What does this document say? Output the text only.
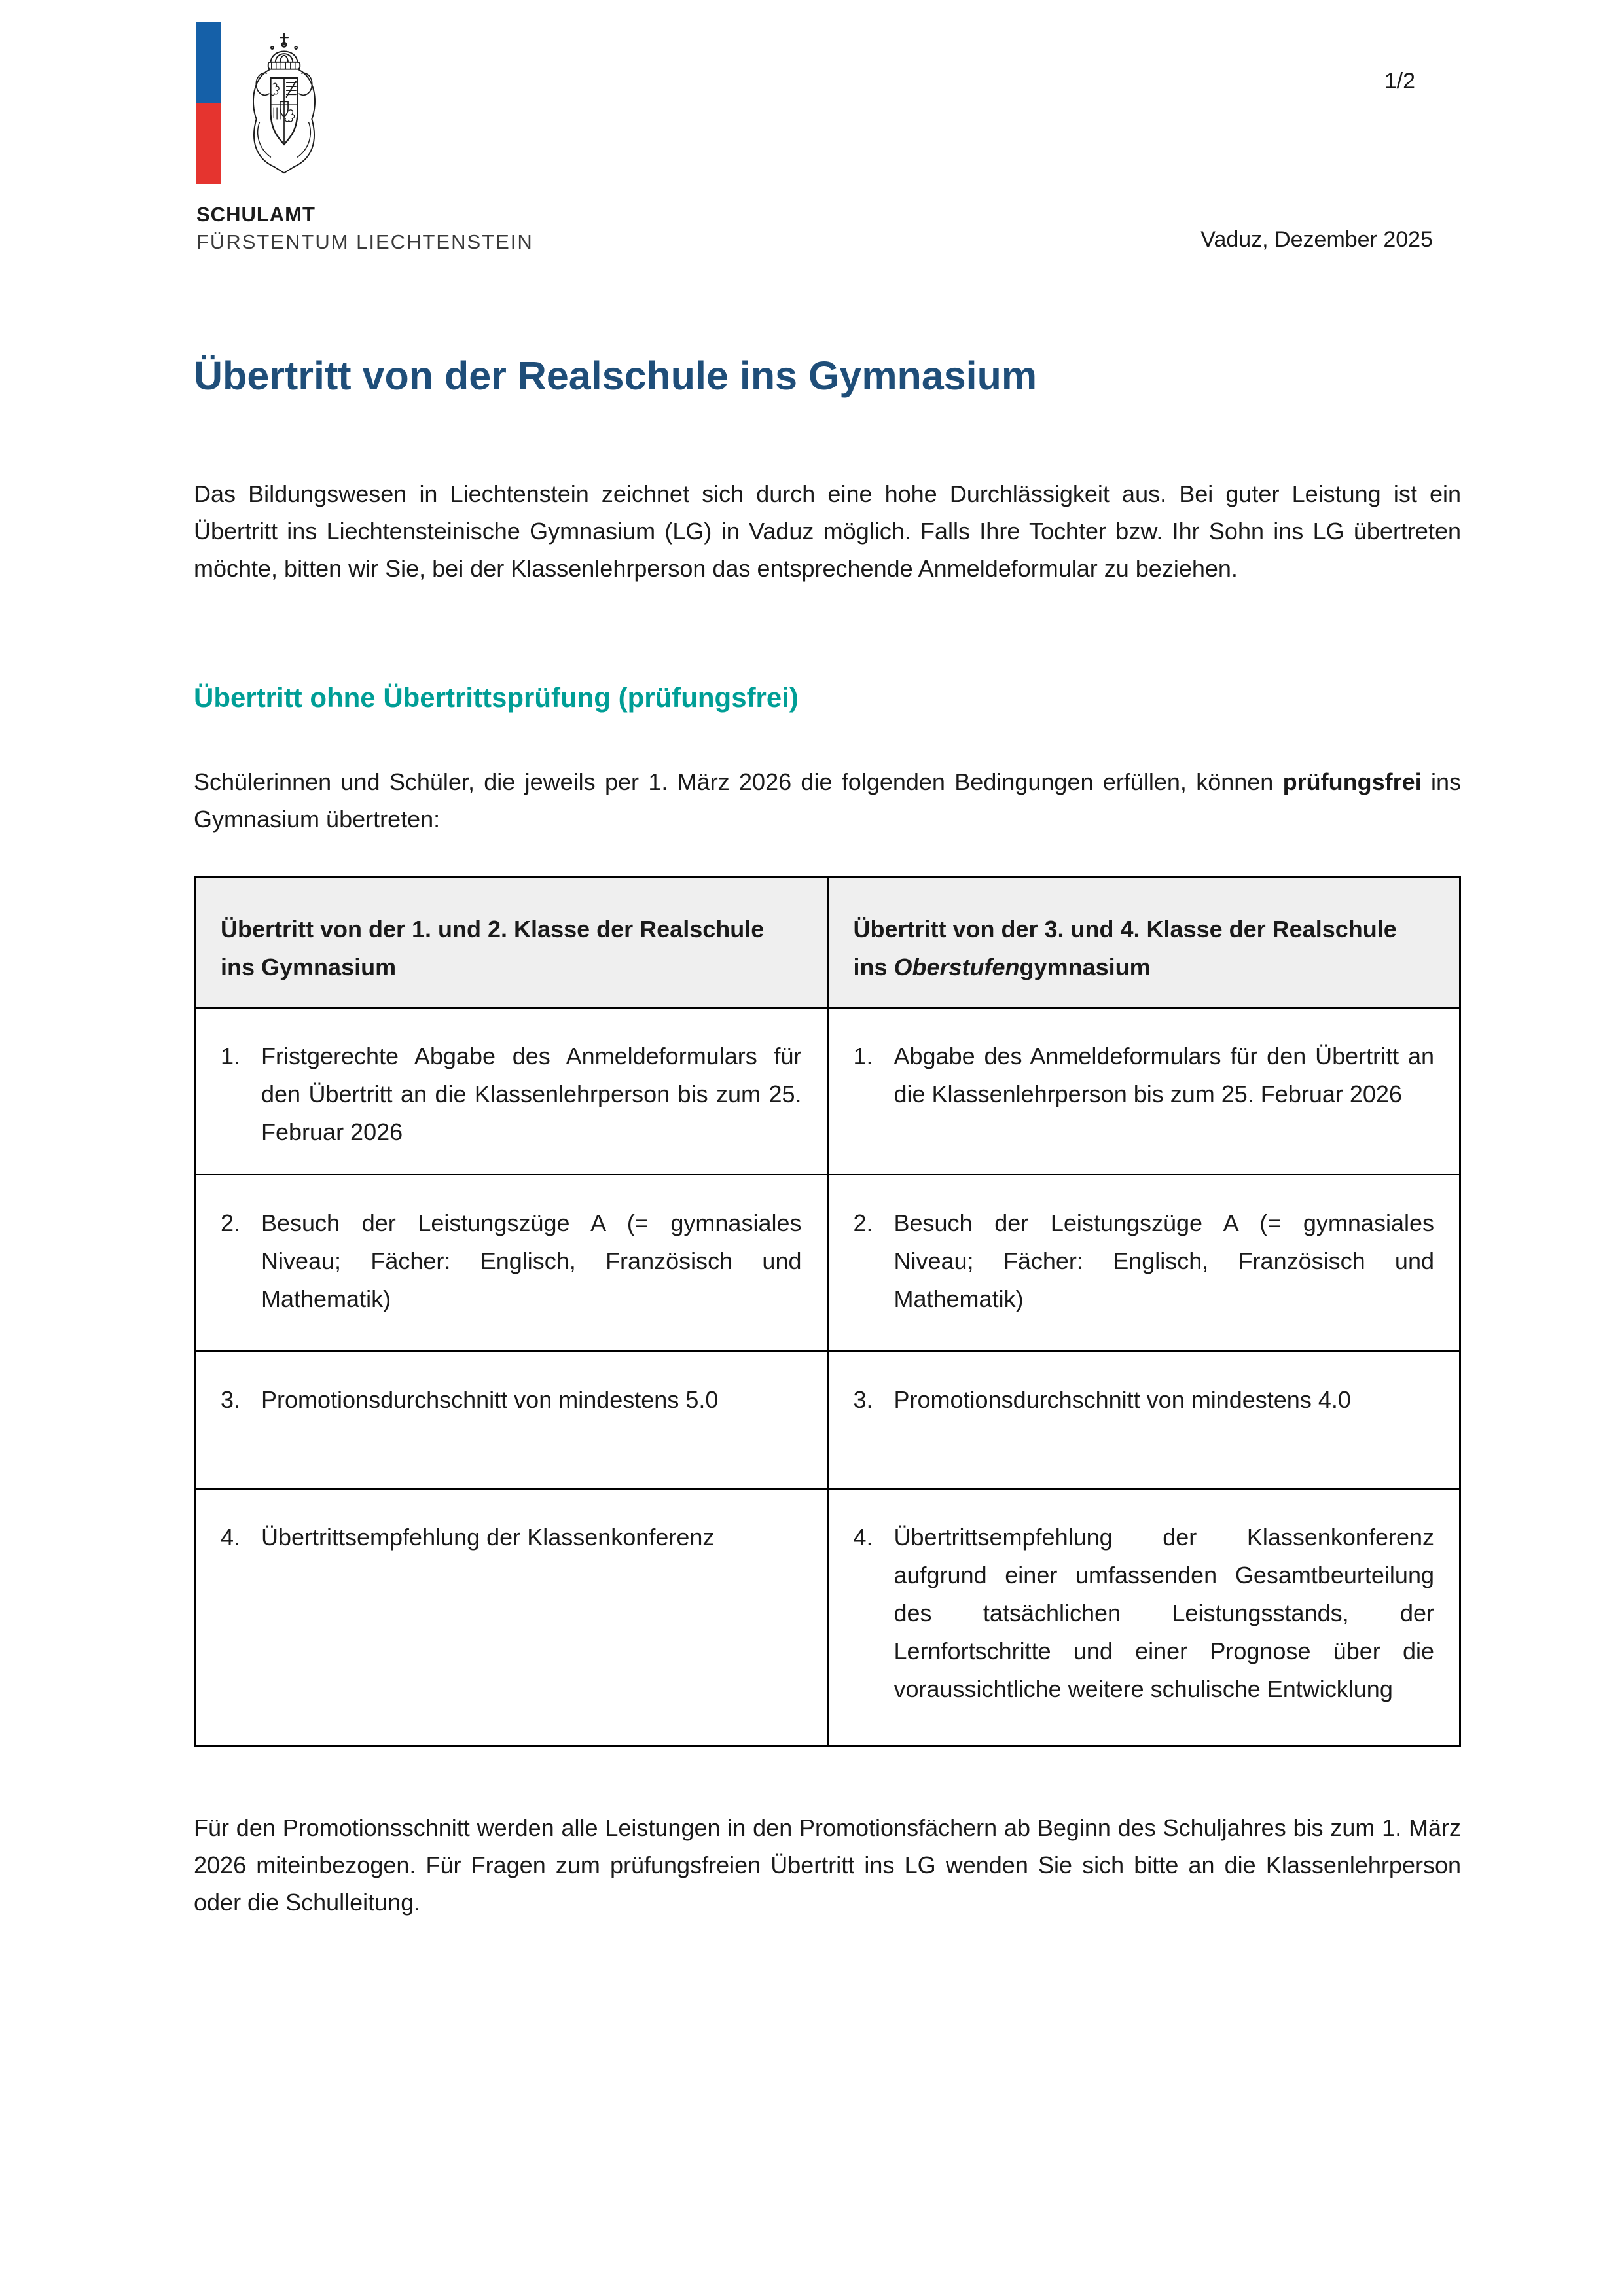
SCHULAMT
FÜRSTENTUM LIECHTENSTEIN
1/2
Vaduz, Dezember 2025
Übertritt von der Realschule ins Gymnasium

Das Bildungswesen in Liechtenstein zeichnet sich durch eine hohe Durchlässigkeit aus. Bei guter Leistung ist ein Übertritt ins Liechtensteinische Gymnasium (LG) in Vaduz möglich. Falls Ihre Tochter bzw. Ihr Sohn ins LG übertreten möchte, bitten wir Sie, bei der Klassenlehrperson das entsprechende Anmeldeformular zu beziehen.

Übertritt ohne Übertrittsprüfung (prüfungsfrei)

Schülerinnen und Schüler, die jeweils per 1. März 2026 die folgenden Bedingungen erfüllen, können prüfungsfrei ins Gymnasium übertreten:

Übertritt von der 1. und 2. Klasse der Realschule ins Gymnasium	Übertritt von der 3. und 4. Klasse der Realschule ins Oberstufengymnasium

1. Fristgerechte Abgabe des Anmeldeformulars für den Übertritt an die Klassenlehrperson bis zum 25. Februar 2026	1. Abgabe des Anmeldeformulars für den Übertritt an die Klassenlehrperson bis zum 25. Februar 2026

2. Besuch der Leistungszüge A (= gymnasiales Niveau; Fächer: Englisch, Französisch und Mathematik)	2. Besuch der Leistungszüge A (= gymnasiales Niveau; Fächer: Englisch, Französisch und Mathematik)

3. Promotionsdurchschnitt von mindestens 5.0	3. Promotionsdurchschnitt von mindestens 4.0

4. Übertrittsempfehlung der Klassenkonferenz	4. Übertrittsempfehlung der Klassenkonferenz aufgrund einer umfassenden Gesamtbeurteilung des tatsächlichen Leistungsstands, der Lernfortschritte und einer Prognose über die voraussichtliche weitere schulische Entwicklung

Für den Promotionsschnitt werden alle Leistungen in den Promotionsfächern ab Beginn des Schuljahres bis zum 1. März 2026 miteinbezogen. Für Fragen zum prüfungsfreien Übertritt ins LG wenden Sie sich bitte an die Klassenlehrperson oder die Schulleitung.
